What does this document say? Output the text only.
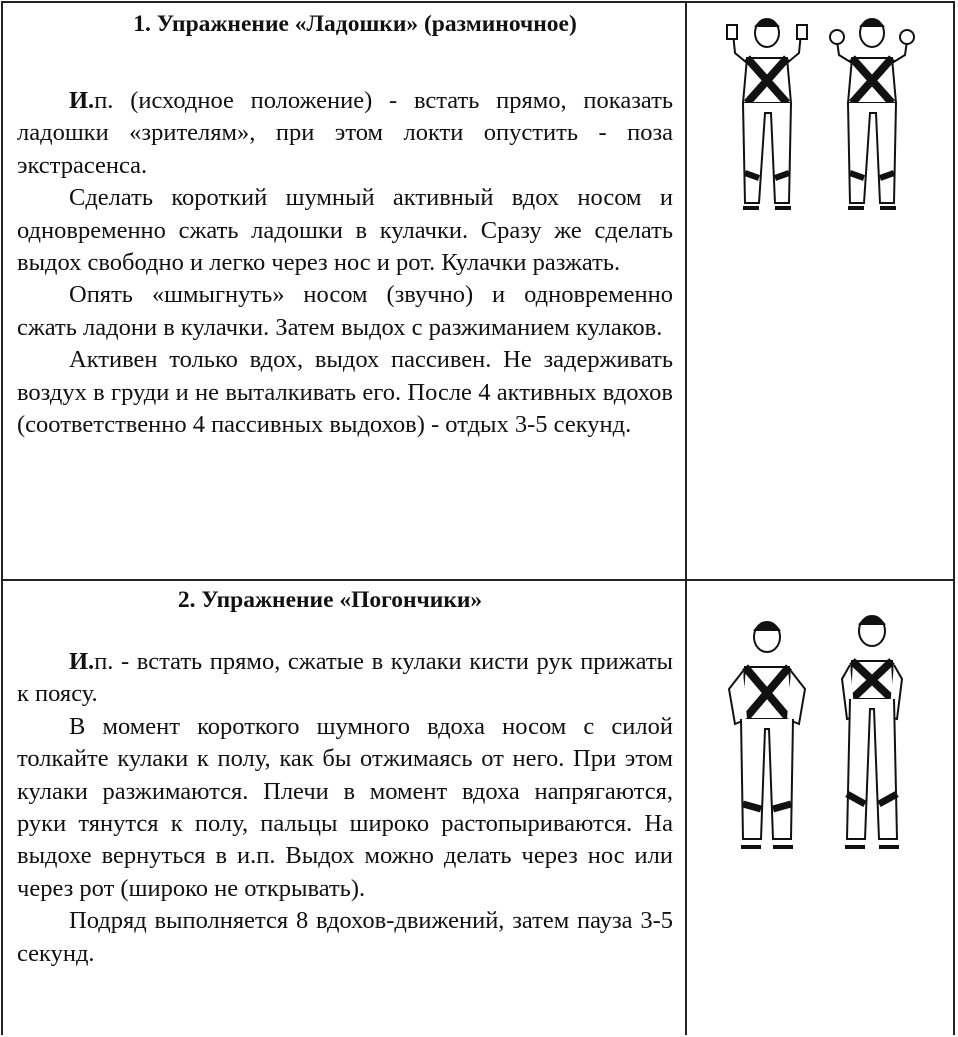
1. Упражнение «Ладошки» (разминочное)

И.п. (исходное положение) - встать прямо, показать ладошки «зрителям», при этом локти опустить - поза экстрасенса.

Сделать короткий шумный активный вдох носом и одновременно сжать ладошки в кулачки. Сразу же сделать выдох свободно и легко через нос и рот. Кулачки разжать.

Опять «шмыгнуть» носом (звучно) и одновременно сжать ладони в кулачки. Затем выдох с разжиманием кулаков.

Активен только вдох, выдох пассивен. Не задерживать воздух в груди и не выталкивать его. После 4 активных вдохов (соответственно 4 пассивных выдохов) - отдых 3-5 секунд.

2. Упражнение «Погончики»

И.п. - встать прямо, сжатые в кулаки кисти рук прижаты к поясу.

В момент короткого шумного вдоха носом с силой толкайте кулаки к полу, как бы отжимаясь от него. При этом кулаки разжимаются. Плечи в момент вдоха напрягаются, руки тянутся к полу, пальцы широко растопыриваются. На выдохе вернуться в и.п. Выдох можно делать через нос или через рот (широко не открывать).

Подряд выполняется 8 вдохов-движений, затем пауза 3-5 секунд.
